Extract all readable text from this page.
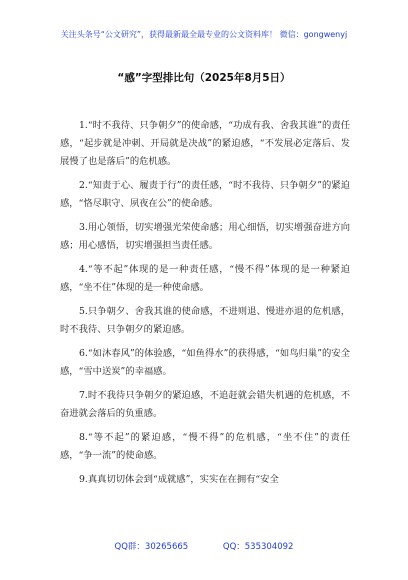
关注头条号“公文研究”，获得最新最全最专业的公文资料库！ 微信：gongwenyj
“感”字型排比句（2025年8月5日）

1.“时不我待、只争朝夕”的使命感，“功成有我、舍我其谁”的责任感，“起步就是冲刺、开局就是决战”的紧迫感，“不发展必定落后、发展慢了也是落后”的危机感。

2.“知责于心、履责于行”的责任感，“时不我待、只争朝夕”的紧迫感，“恪尽职守、夙夜在公”的使命感。

3.用心领悟，切实增强光荣使命感；用心细悟，切实增强奋进方向感；用心感悟，切实增强担当责任感。

4.“等不起”体现的是一种责任感，“慢不得”体现的是一种紧迫感，“坐不住”体现的是一种使命感。

5.只争朝夕、舍我其谁的使命感，不进则退、慢进亦退的危机感，时不我待、只争朝夕的紧迫感。

6.“如沐春风”的体验感，“如鱼得水”的获得感，“如鸟归巢”的安全感，“雪中送炭”的幸福感。

7.时不我待只争朝夕的紧迫感，不追赶就会错失机遇的危机感，不奋进就会落后的负重感。

8.“等不起”的紧迫感，“慢不得”的危机感，“坐不住”的责任感，“争一流”的使命感。

9.真真切切体会到“成就感”，实实在在拥有“安全

QQ群：30265665	QQ：535304092
